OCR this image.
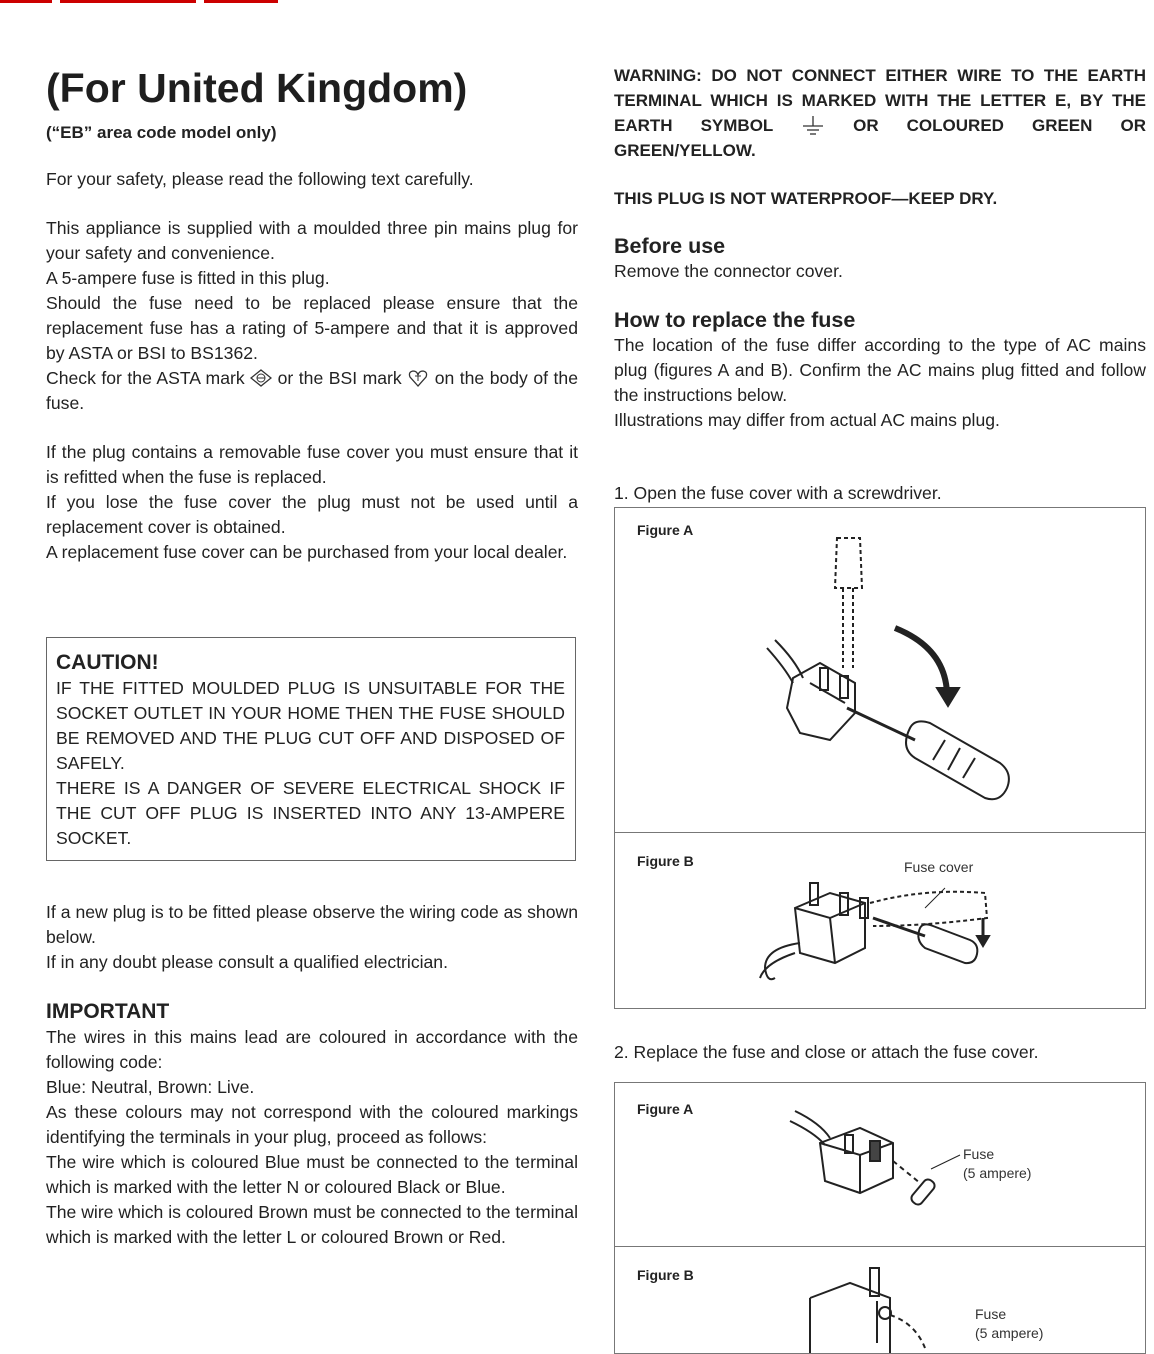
(For United Kingdom)
(“EB” area code model only)

For your safety, please read the following text carefully.

This appliance is supplied with a moulded three pin mains plug for your safety and convenience.

A 5-ampere fuse is fitted in this plug.

Should the fuse need to be replaced please ensure that the replacement fuse has a rating of 5-ampere and that it is approved by ASTA or BSI to BS1362.

Check for the ASTA mark or the BSI mark on the body of the fuse.

If the plug contains a removable fuse cover you must ensure that it is refitted when the fuse is replaced.

If you lose the fuse cover the plug must not be used until a replacement cover is obtained.

A replacement fuse cover can be purchased from your local dealer.

CAUTION!

IF THE FITTED MOULDED PLUG IS UNSUITABLE FOR THE SOCKET OUTLET IN YOUR HOME THEN THE FUSE SHOULD BE REMOVED AND THE PLUG CUT OFF AND DISPOSED OF SAFELY.

THERE IS A DANGER OF SEVERE ELECTRICAL SHOCK IF THE CUT OFF PLUG IS INSERTED INTO ANY 13-AMPERE SOCKET.

If a new plug is to be fitted please observe the wiring code as shown below.

If in any doubt please consult a qualified electrician.

IMPORTANT

The wires in this mains lead are coloured in accordance with the following code:

Blue: Neutral, Brown: Live.

As these colours may not correspond with the coloured markings identifying the terminals in your plug, proceed as follows:

The wire which is coloured Blue must be connected to the terminal which is marked with the letter N or coloured Black or Blue.

The wire which is coloured Brown must be connected to the terminal which is marked with the letter L or coloured Brown or Red.

WARNING: DO NOT CONNECT EITHER WIRE TO THE EARTH TERMINAL WHICH IS MARKED WITH THE LETTER E, BY THE EARTH SYMBOL	OR COLOURED GREEN OR GREEN/YELLOW.

THIS PLUG IS NOT WATERPROOF—KEEP DRY.

Before use

Remove the connector cover.

How to replace the fuse

The location of the fuse differ according to the type of AC mains plug (figures A and B). Confirm the AC mains plug fitted and follow the instructions below.

Illustrations may differ from actual AC mains plug.

1. Open the fuse cover with a screwdriver.

Figure A
Figure B	Fuse cover

2. Replace the fuse and close or attach the fuse cover.

Figure A
Figure B
Fuse
(5 ampere)
Fuse
(5 ampere)
